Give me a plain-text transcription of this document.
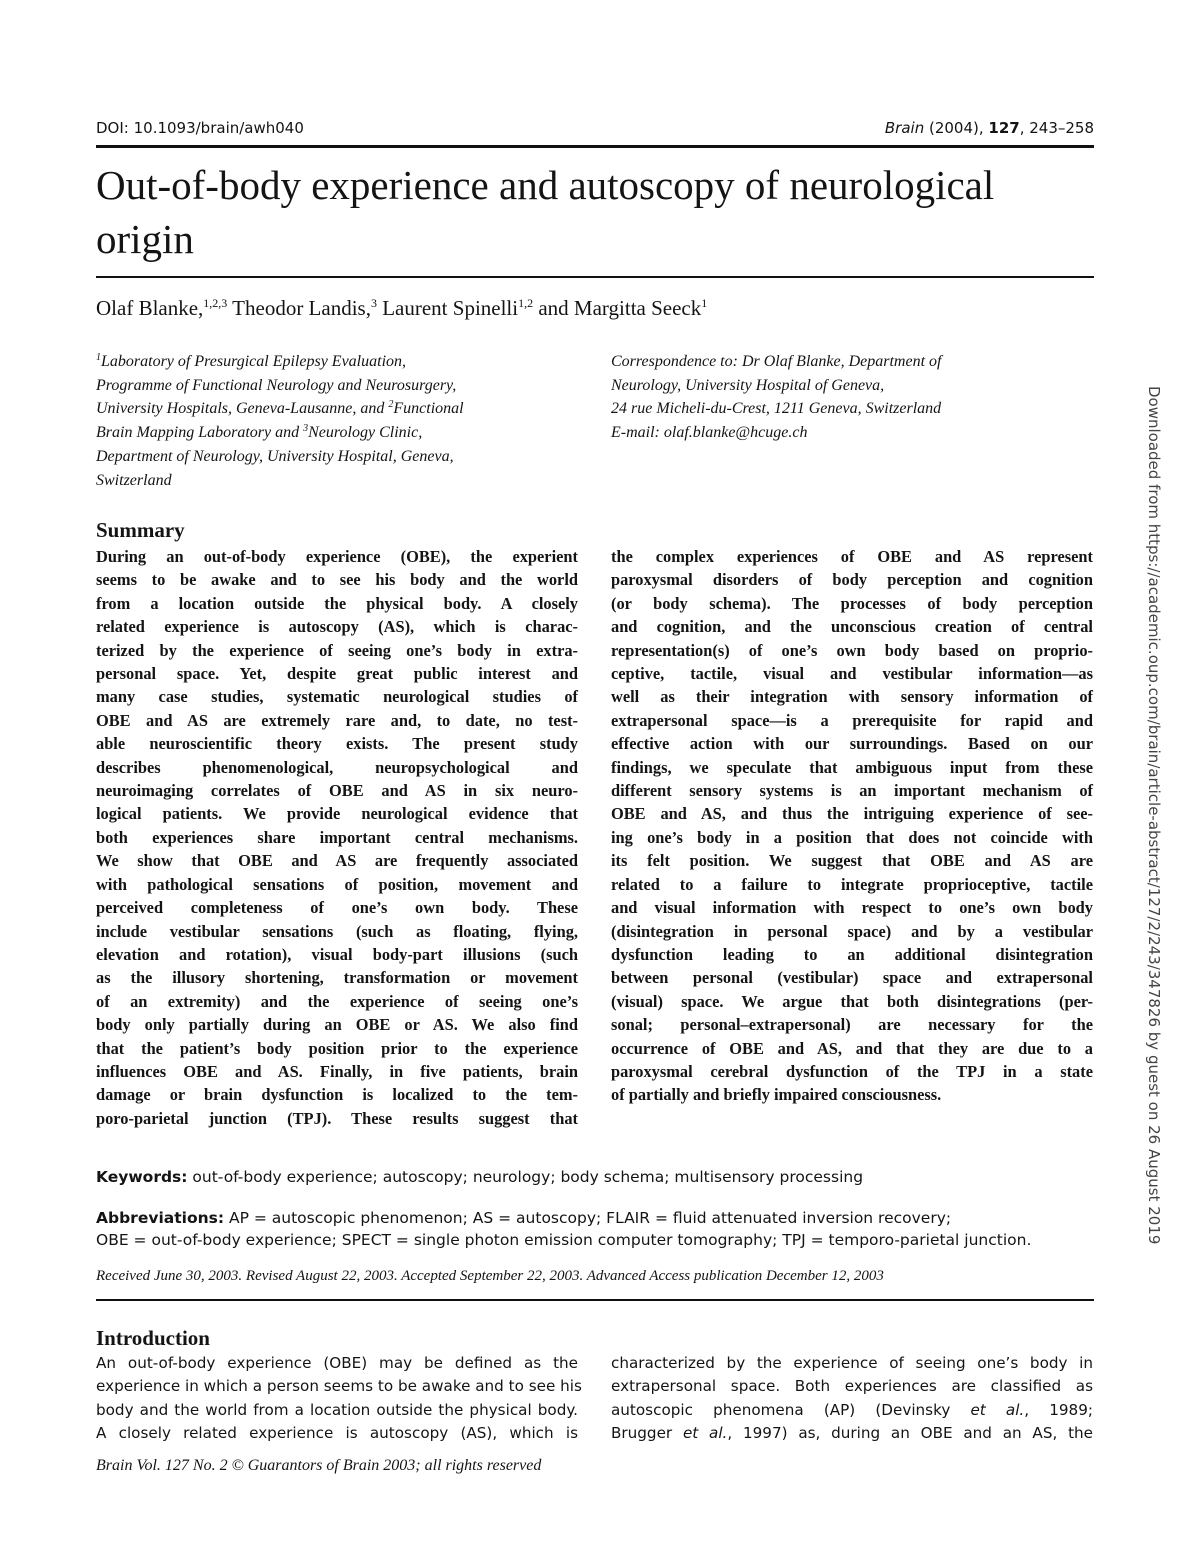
DOI: 10.1093/brain/awh040	Brain (2004), 127, 243–258
Out-of-body experience and autoscopy of neurological origin
Olaf Blanke,$^{1,2,3}$ Theodor Landis,$^3$ Laurent Spinelli$^{1,2}$ and Margitta Seeck$^1$
$^1$Laboratory of Presurgical Epilepsy Evaluation,
Programme of Functional Neurology and Neurosurgery,
University Hospitals, Geneva-Lausanne, and $^2$Functional
Brain Mapping Laboratory and $^3$Neurology Clinic,
Department of Neurology, University Hospital, Geneva,
Switzerland
Correspondence to: Dr Olaf Blanke, Department of
Neurology, University Hospital of Geneva,
24 rue Micheli-du-Crest, 1211 Geneva, Switzerland
E-mail: olaf.blanke@hcuge.ch
Summary
During an out-of-body experience (OBE), the experient
seems to be awake and to see his body and the world
from a location outside the physical body. A closely
related experience is autoscopy (AS), which is charac-
terized by the experience of seeing one’s body in extra-
personal space. Yet, despite great public interest and
many case studies, systematic neurological studies of
OBE and AS are extremely rare and, to date, no test-
able neuroscientific theory exists. The present study
describes phenomenological, neuropsychological and
neuroimaging correlates of OBE and AS in six neuro-
logical patients. We provide neurological evidence that
both experiences share important central mechanisms.
We show that OBE and AS are frequently associated
with pathological sensations of position, movement and
perceived completeness of one’s own body. These
include vestibular sensations (such as floating, flying,
elevation and rotation), visual body-part illusions (such
as the illusory shortening, transformation or movement
of an extremity) and the experience of seeing one’s
body only partially during an OBE or AS. We also find
that the patient’s body position prior to the experience
influences OBE and AS. Finally, in five patients, brain
damage or brain dysfunction is localized to the tem-
poro-parietal junction (TPJ). These results suggest that
the complex experiences of OBE and AS represent
paroxysmal disorders of body perception and cognition
(or body schema). The processes of body perception
and cognition, and the unconscious creation of central
representation(s) of one’s own body based on proprio-
ceptive, tactile, visual and vestibular information—as
well as their integration with sensory information of
extrapersonal space—is a prerequisite for rapid and
effective action with our surroundings. Based on our
findings, we speculate that ambiguous input from these
different sensory systems is an important mechanism of
OBE and AS, and thus the intriguing experience of see-
ing one’s body in a position that does not coincide with
its felt position. We suggest that OBE and AS are
related to a failure to integrate proprioceptive, tactile
and visual information with respect to one’s own body
(disintegration in personal space) and by a vestibular
dysfunction leading to an additional disintegration
between personal (vestibular) space and extrapersonal
(visual) space. We argue that both disintegrations (per-
sonal; personal–extrapersonal) are necessary for the
occurrence of OBE and AS, and that they are due to a
paroxysmal cerebral dysfunction of the TPJ in a state
of partially and briefly impaired consciousness.
Keywords: out-of-body experience; autoscopy; neurology; body schema; multisensory processing
Abbreviations: AP = autoscopic phenomenon; AS = autoscopy; FLAIR = fluid attenuated inversion recovery;
OBE = out-of-body experience; SPECT = single photon emission computer tomography; TPJ = temporo-parietal junction.
Received June 30, 2003. Revised August 22, 2003. Accepted September 22, 2003. Advanced Access publication December 12, 2003
Introduction
An out-of-body experience (OBE) may be defined as the
experience in which a person seems to be awake and to see his
body and the world from a location outside the physical body.
A closely related experience is autoscopy (AS), which is
characterized by the experience of seeing one’s body in
extrapersonal space. Both experiences are classified as
autoscopic phenomena (AP) (Devinsky et al., 1989;
Brugger et al., 1997) as, during an OBE and an AS, the
Brain Vol. 127 No. 2 © Guarantors of Brain 2003; all rights reserved
Downloaded from https://academic.oup.com/brain/article-abstract/127/2/243/347826 by guest on 26 August 2019
